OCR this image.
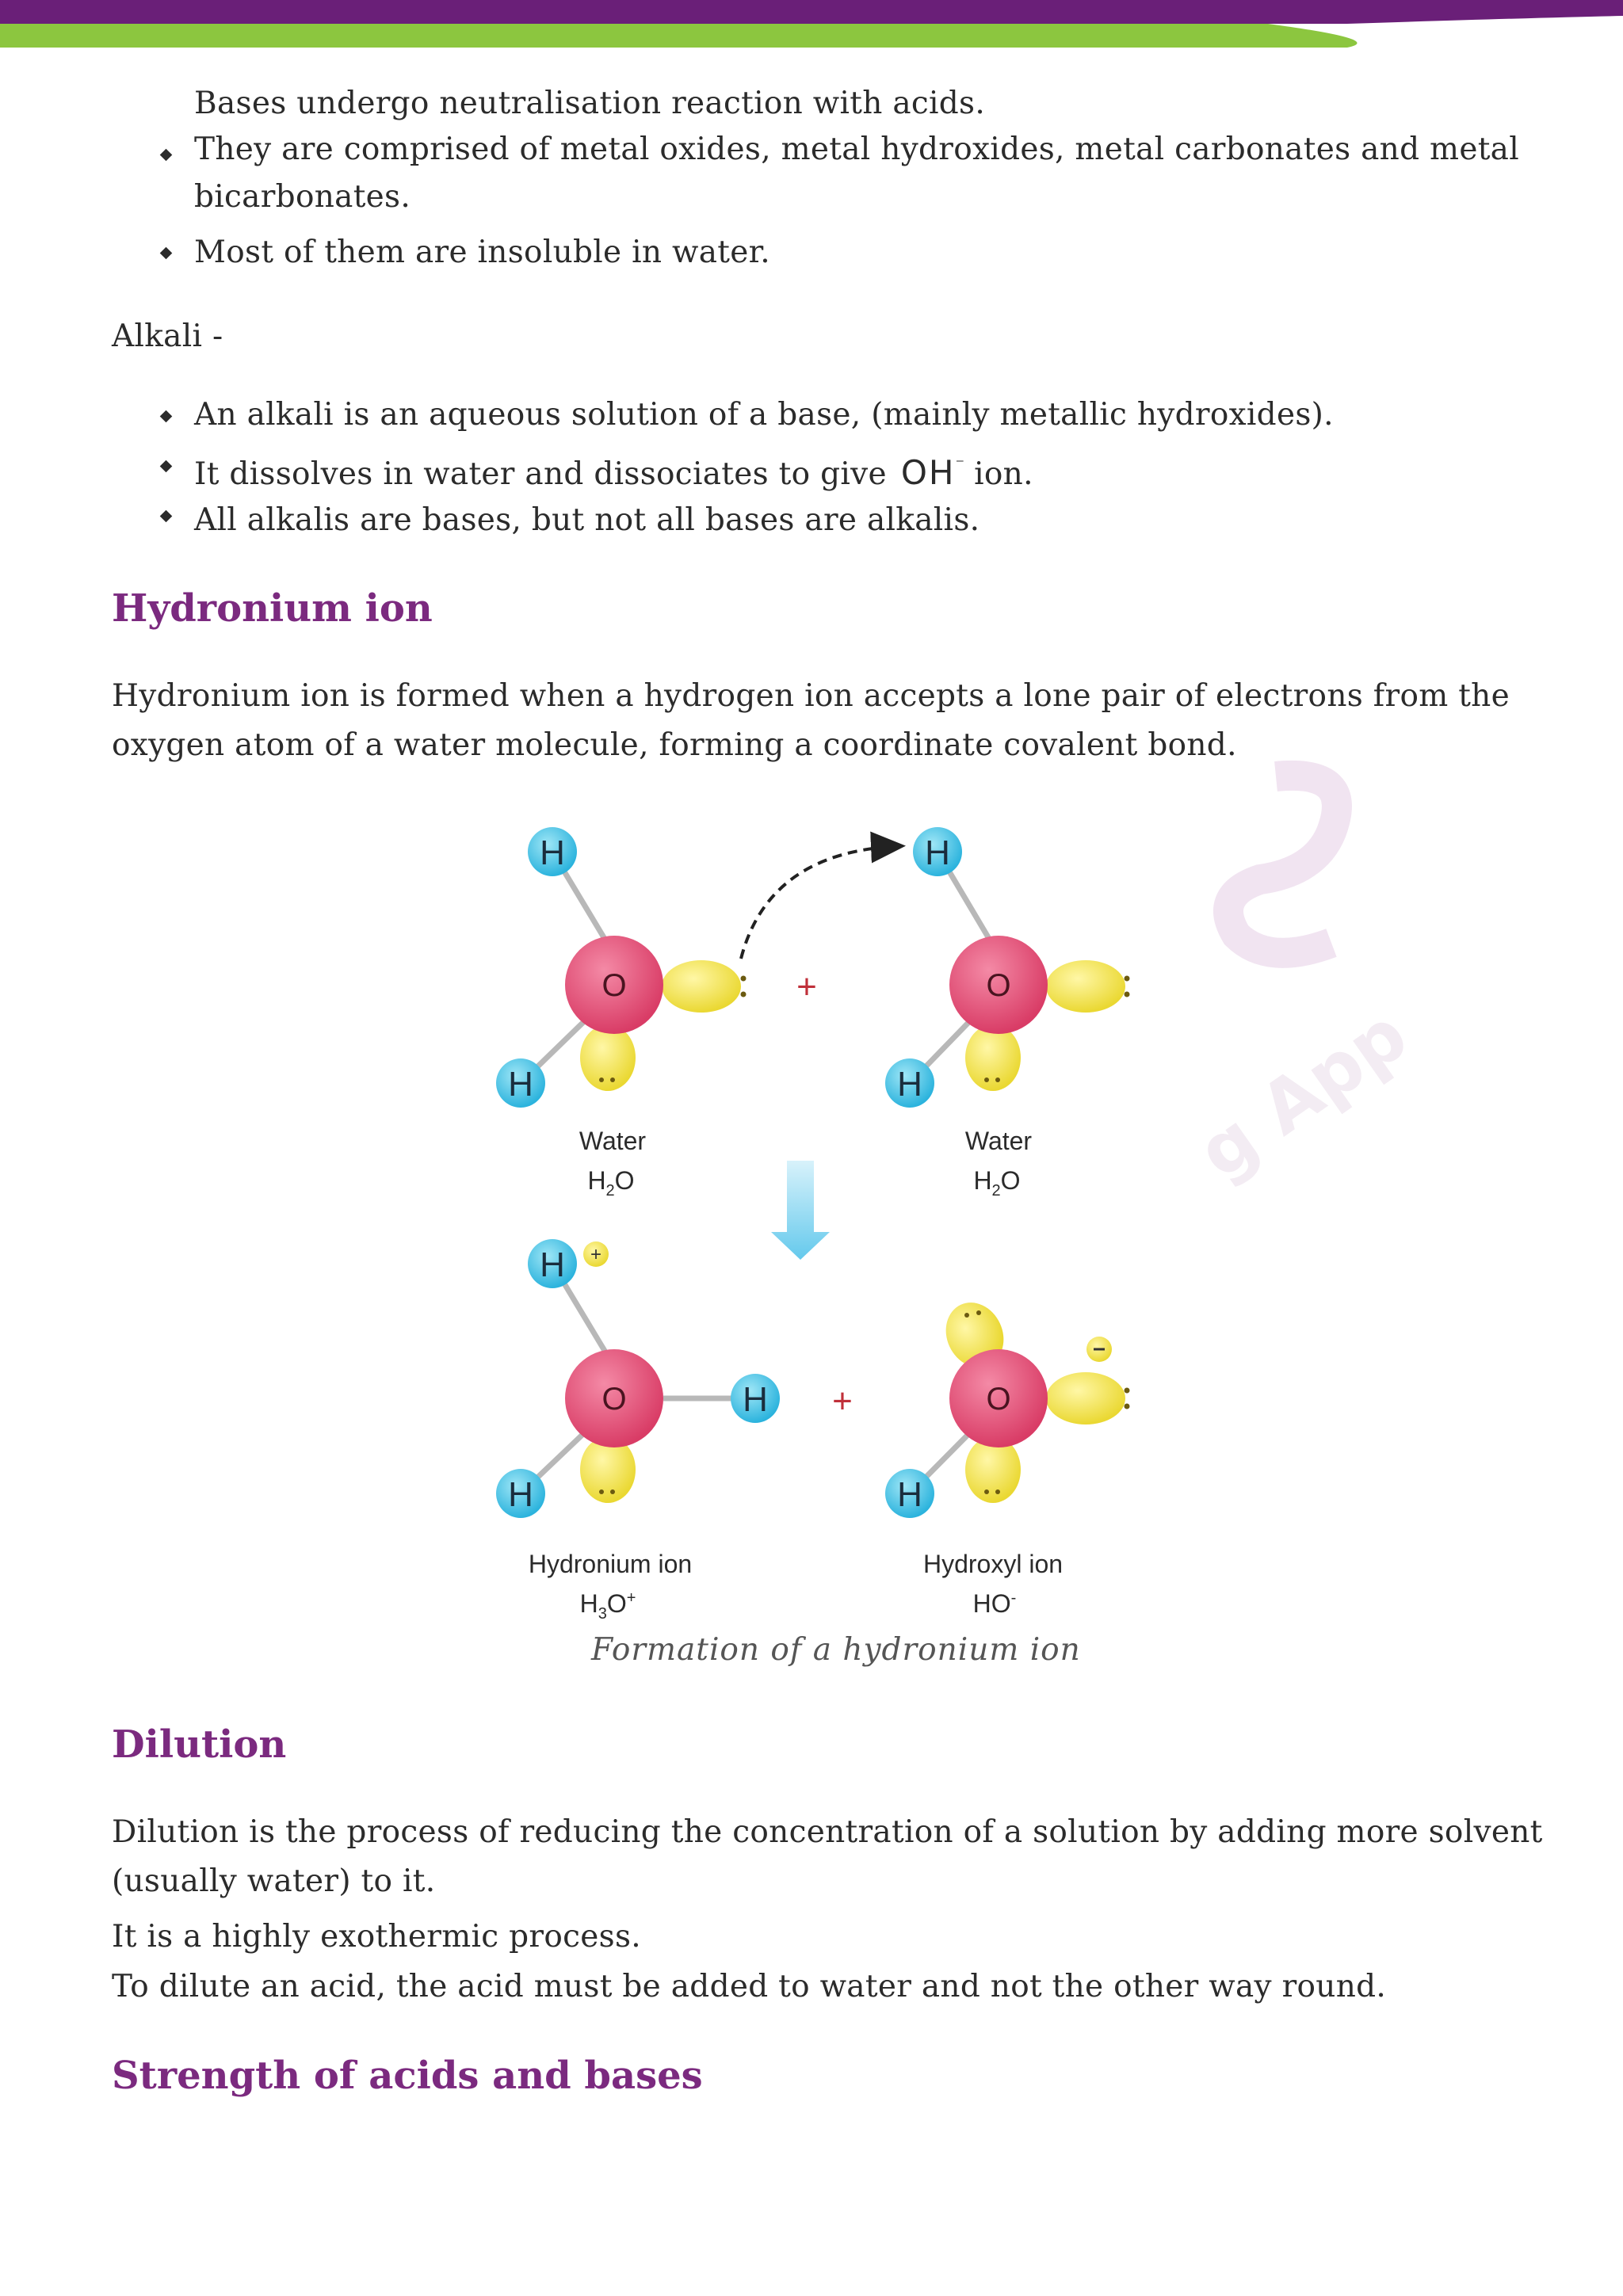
Bases undergo neutralisation reaction with acids.
They are comprised of metal oxides, metal hydroxides, metal carbonates and metal
bicarbonates.
Most of them are insoluble in water.
Alkali -
An alkali is an aqueous solution of a base, (mainly metallic hydroxides).
It dissolves in water and dissociates to give OH⁻ ion.
All alkalis are bases, but not all bases are alkalis.
Hydronium ion
Hydronium ion is formed when a hydrogen ion accepts a lone pair of electrons from the
oxygen atom of a water molecule, forming a coordinate covalent bond.
g App
O
H
H
Water
$H_2O$
+	O
H
H
Water
$H_2O$
O
H +
H
H +	O
H
Hydronium ion
$H_3O^+$
Hydroxyl ion
HO-
Formation of a hydronium ion
Dilution
Dilution is the process of reducing the concentration of a solution by adding more solvent
(usually water) to it.
It is a highly exothermic process.
To dilute an acid, the acid must be added to water and not the other way round.
Strength of acids and bases
